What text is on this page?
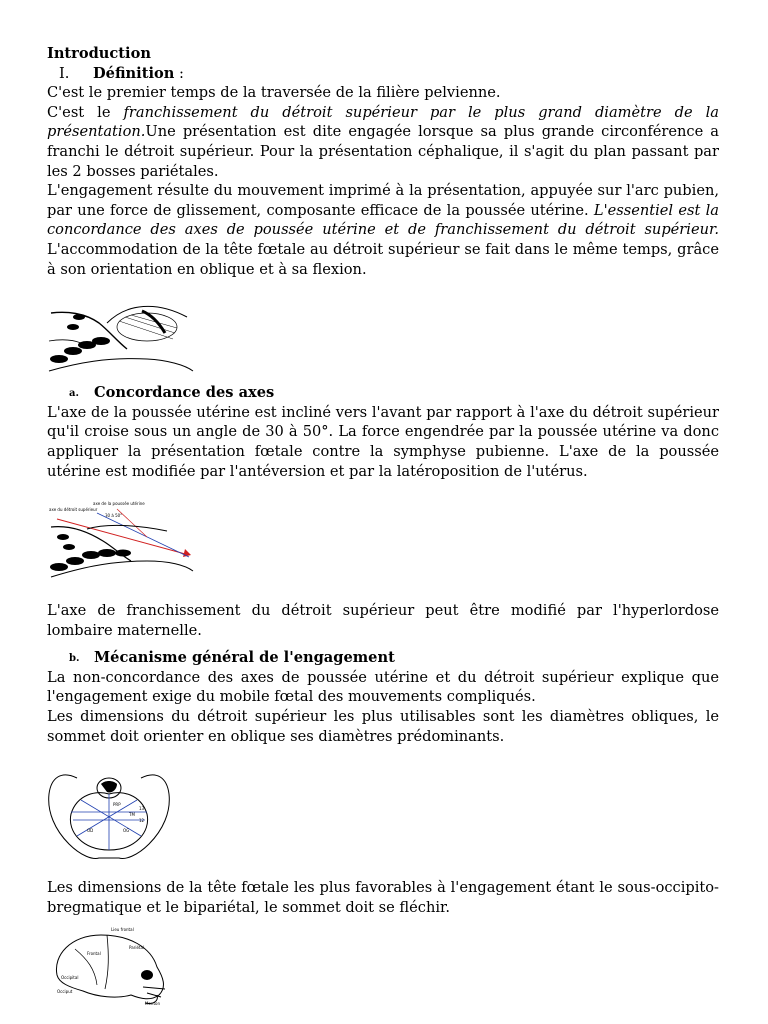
Introduction
I. Définition :

C'est le premier temps de la traversée de la filière pelvienne.

C'est le franchissement du détroit supérieur par le plus grand diamètre de la présentation.Une présentation est dite engagée lorsque sa plus grande circonférence a franchi le détroit supérieur. Pour la présentation céphalique, il s'agit du plan passant par les 2 bosses pariétales.

L'engagement résulte du mouvement imprimé à la présentation, appuyée sur l'arc pubien, par une force de glissement, composante efficace de la poussée utérine. L'essentiel est la concordance des axes de poussée utérine et de franchissement du détroit supérieur. L'accommodation de la tête fœtale au détroit supérieur se fait dans le même temps, grâce à son orientation en oblique et à sa flexion.

a. Concordance des axes

L'axe de la poussée utérine est incliné vers l'avant par rapport à l'axe du détroit supérieur qu'il croise sous un angle de 30 à 50°. La force engendrée par la poussée utérine va donc appliquer la présentation fœtale contre la symphyse pubienne. L'axe de la poussée utérine est modifiée par l'antéversion et par la latéroposition de l'utérus.

axe du détroit supérieur
axe de la poussée utérine
30 à 50°

L'axe de franchissement du détroit supérieur peut être modifié par l'hyperlordose lombaire maternelle.

b. Mécanisme général de l'engagement

La non-concordance des axes de poussée utérine et du détroit supérieur explique que l'engagement exige du mobile fœtal des mouvements compliqués.

Les dimensions du détroit supérieur les plus utilisables sont les diamètres obliques, le sommet doit orienter en oblique ses diamètres prédominants.

PRP
TM
OD	OG
13
12

Les dimensions de la tête fœtale les plus favorables à l'engagement étant le sous-occipito-bregmatique et le bipariétal, le sommet doit se fléchir.

Lieu frontal
Frontal
Pariétal
Occipital
Occiput
Menton
